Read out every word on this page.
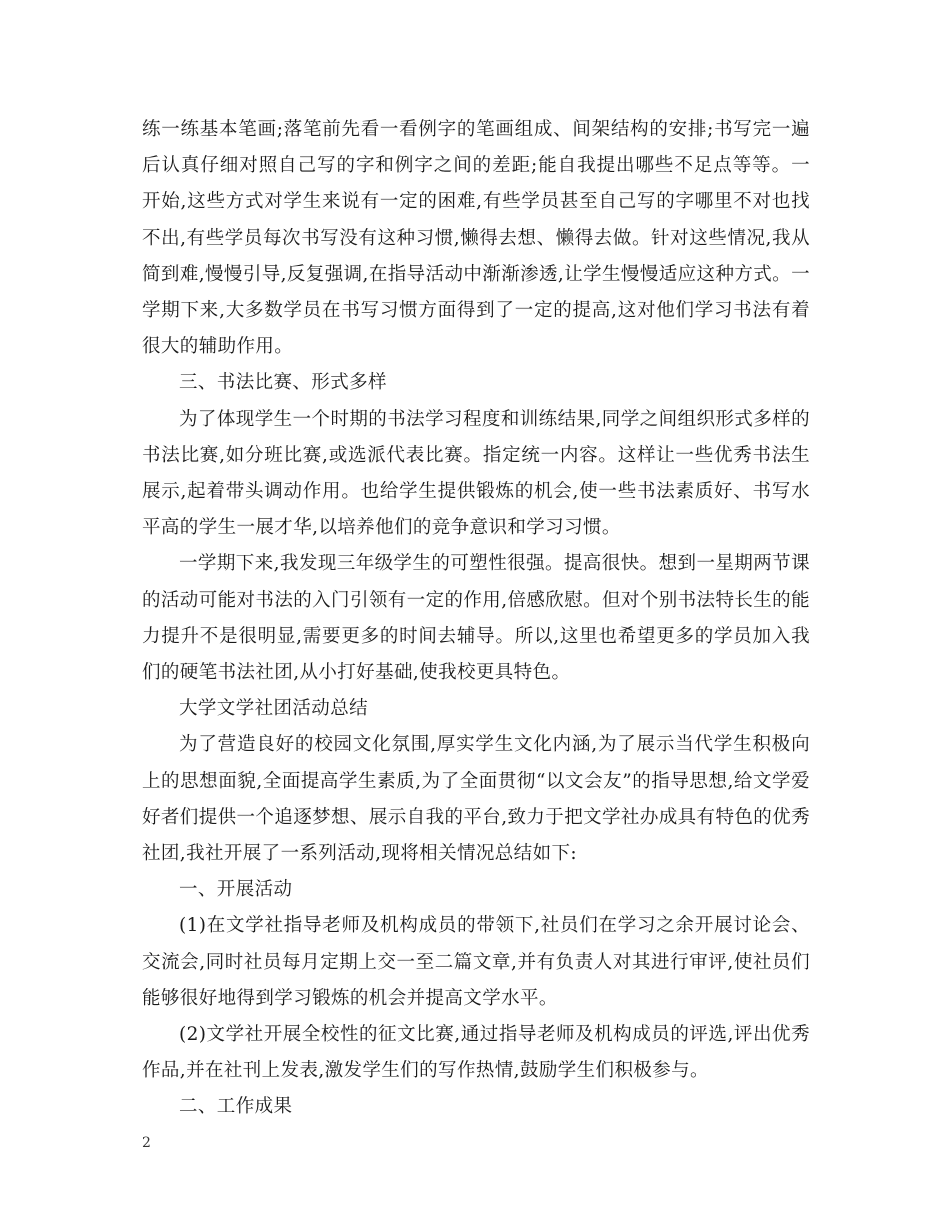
练一练基本笔画;落笔前先看一看例字的笔画组成、间架结构的安排;书写完一遍后认真仔细对照自己写的字和例字之间的差距;能自我提出哪些不足点等等。一开始,这些方式对学生来说有一定的困难,有些学员甚至自己写的字哪里不对也找不出,有些学员每次书写没有这种习惯,懒得去想、懒得去做。针对这些情况,我从简到难,慢慢引导,反复强调,在指导活动中渐渐渗透,让学生慢慢适应这种方式。一学期下来,大多数学员在书写习惯方面得到了一定的提高,这对他们学习书法有着很大的辅助作用。

三、书法比赛、形式多样

为了体现学生一个时期的书法学习程度和训练结果,同学之间组织形式多样的书法比赛,如分班比赛,或选派代表比赛。指定统一内容。这样让一些优秀书法生展示,起着带头调动作用。也给学生提供锻炼的机会,使一些书法素质好、书写水平高的学生一展才华,以培养他们的竞争意识和学习习惯。

一学期下来,我发现三年级学生的可塑性很强。提高很快。想到一星期两节课的活动可能对书法的入门引领有一定的作用,倍感欣慰。但对个别书法特长生的能力提升不是很明显,需要更多的时间去辅导。所以,这里也希望更多的学员加入我们的硬笔书法社团,从小打好基础,使我校更具特色。

大学文学社团活动总结

为了营造良好的校园文化氛围,厚实学生文化内涵,为了展示当代学生积极向上的思想面貌,全面提高学生素质,为了全面贯彻“以文会友”的指导思想,给文学爱好者们提供一个追逐梦想、展示自我的平台,致力于把文学社办成具有特色的优秀社团,我社开展了一系列活动,现将相关情况总结如下:

一、开展活动

(1)在文学社指导老师及机构成员的带领下,社员们在学习之余开展讨论会、交流会,同时社员每月定期上交一至二篇文章,并有负责人对其进行审评,使社员们能够很好地得到学习锻炼的机会并提高文学水平。

(2)文学社开展全校性的征文比赛,通过指导老师及机构成员的评选,评出优秀作品,并在社刊上发表,激发学生们的写作热情,鼓励学生们积极参与。

二、工作成果

2
